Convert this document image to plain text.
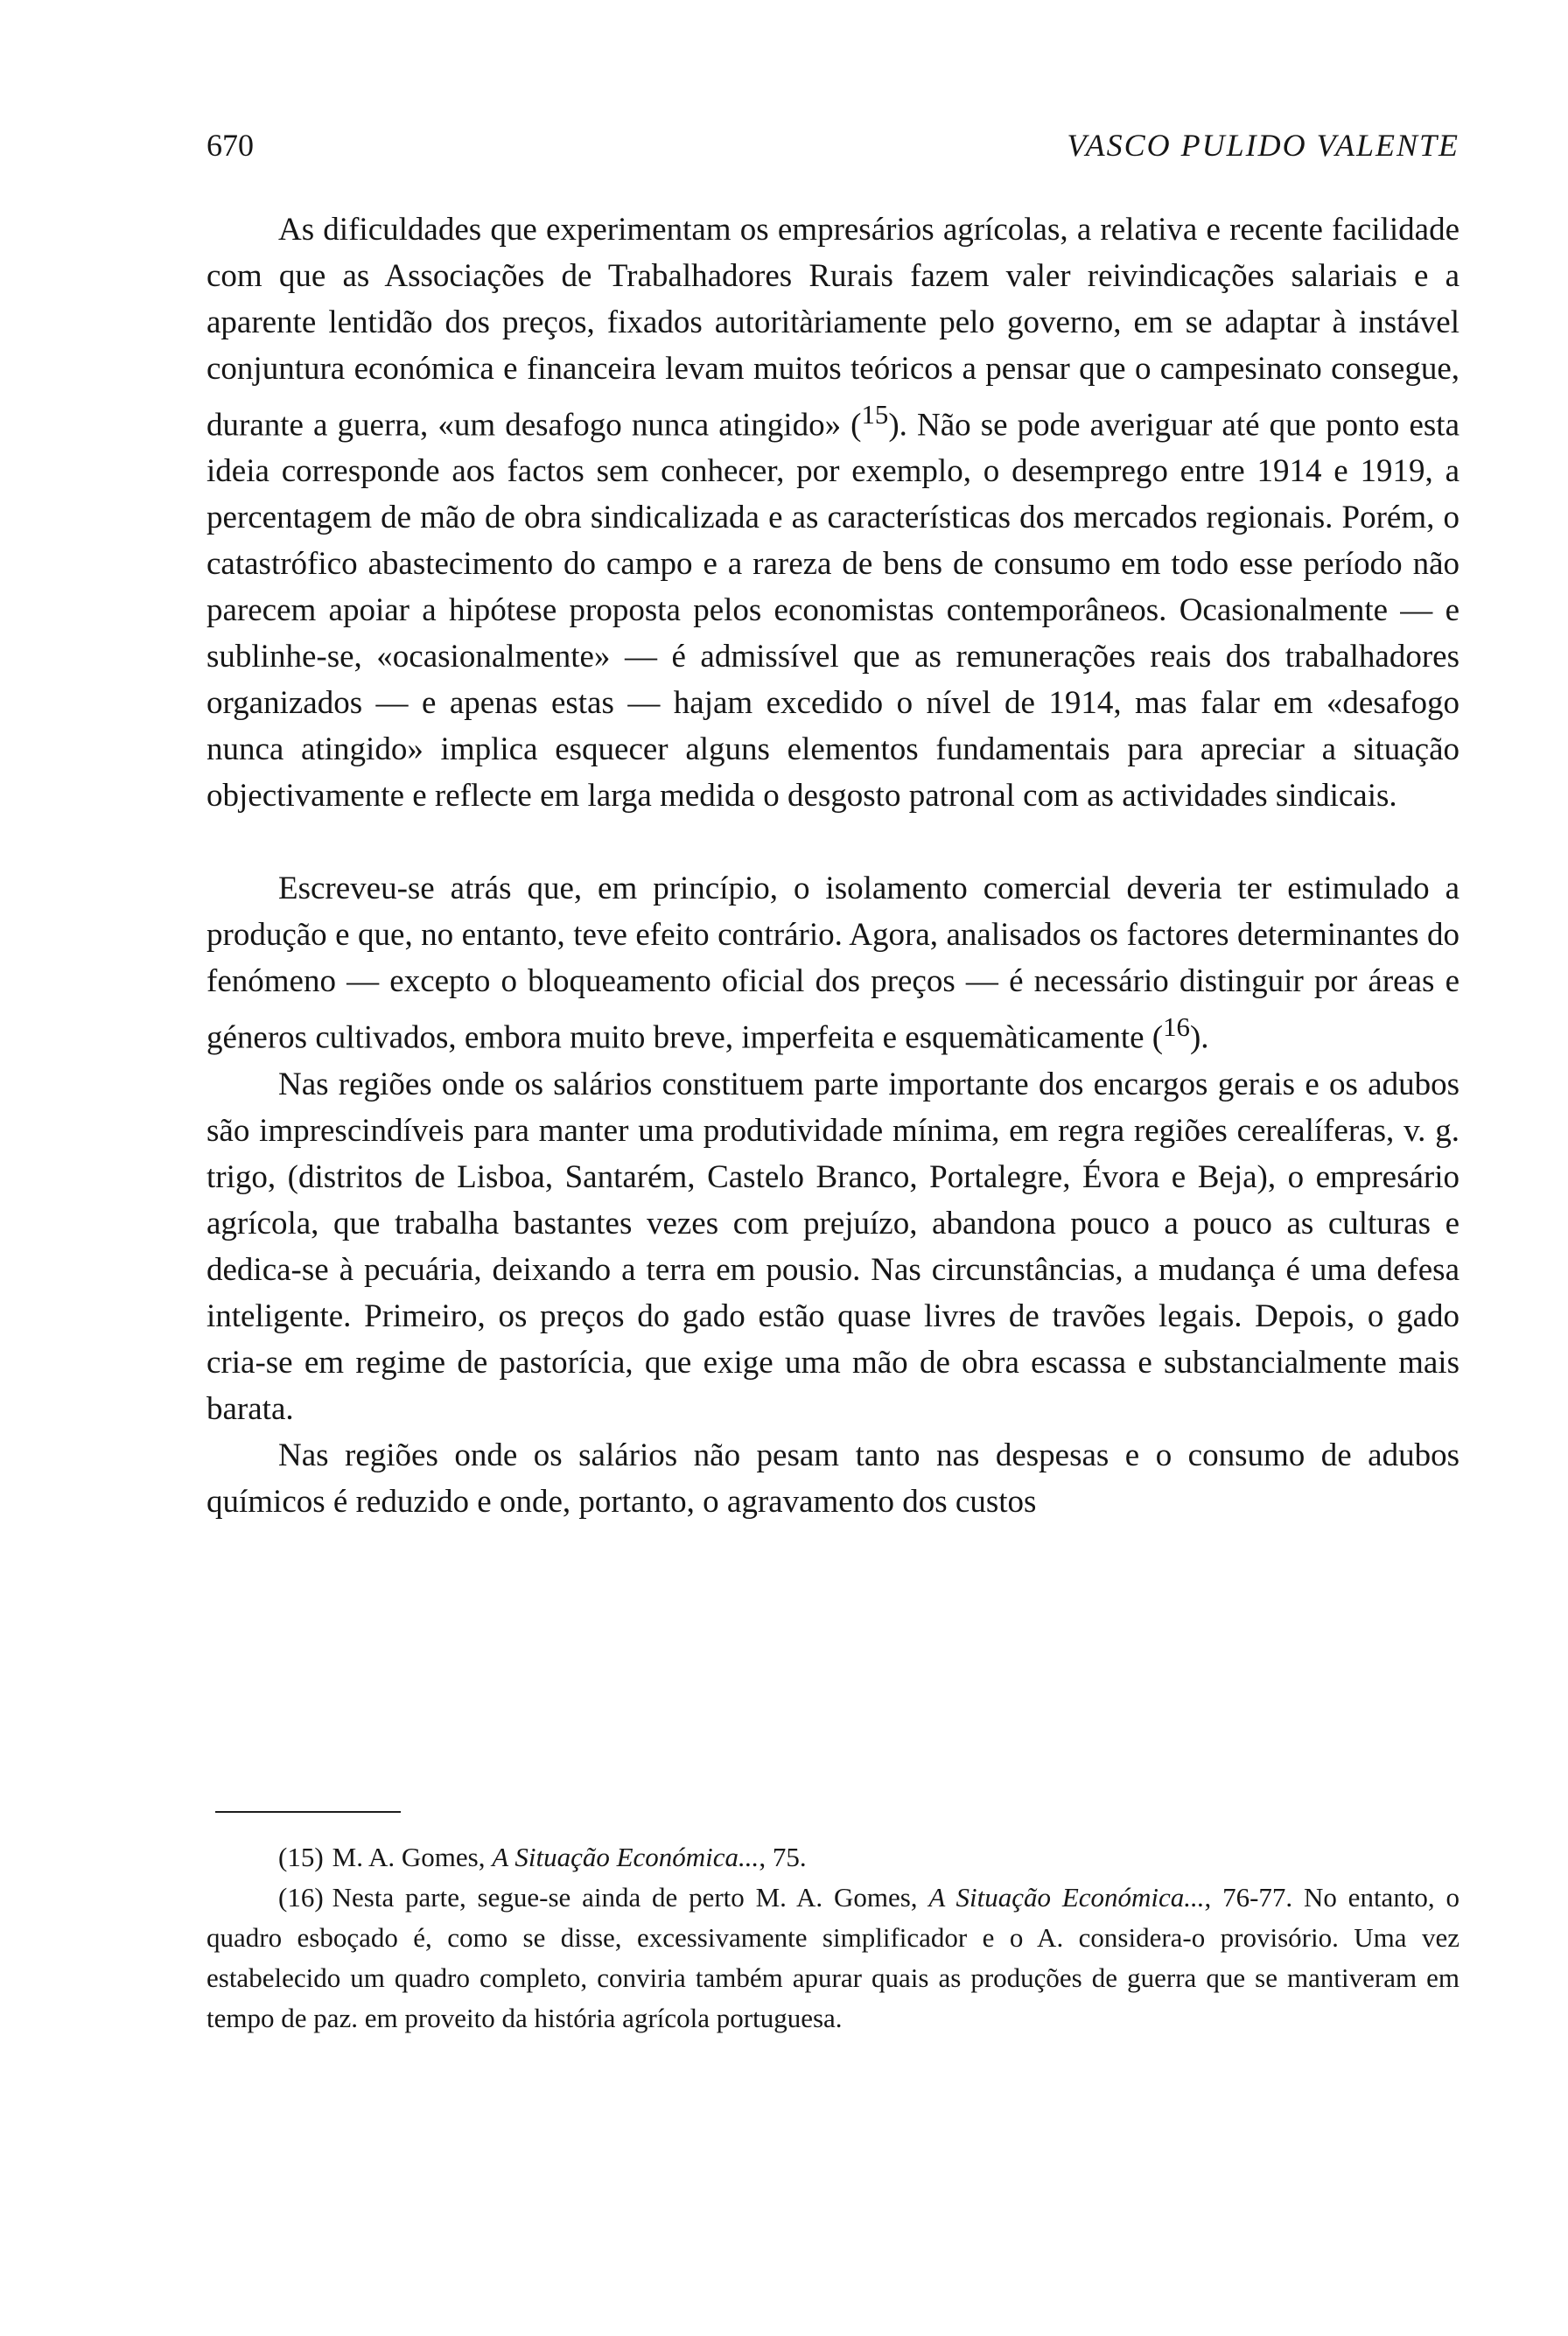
670	VASCO PULIDO VALENTE

As dificuldades que experimentam os empresários agrícolas, a relativa e recente facilidade com que as Associações de Trabalhadores Rurais fazem valer reivindicações salariais e a aparente lentidão dos preços, fixados autoritàriamente pelo governo, em se adaptar à instável conjuntura económica e financeira levam muitos teóricos a pensar que o campesinato consegue, durante a guerra, «um desafogo nunca atingido» ($^{15}$). Não se pode averiguar até que ponto esta ideia corresponde aos factos sem conhecer, por exemplo, o desemprego entre 1914 e 1919, a percentagem de mão de obra sindicalizada e as características dos mercados regionais. Porém, o catastrófico abastecimento do campo e a rareza de bens de consumo em todo esse período não parecem apoiar a hipótese proposta pelos economistas contemporâneos. Ocasionalmente — e sublinhe-se, «ocasionalmente» — é admissível que as remunerações reais dos trabalhadores organizados — e apenas estas — hajam excedido o nível de 1914, mas falar em «desafogo nunca atingido» implica esquecer alguns elementos fundamentais para apreciar a situação objectivamente e reflecte em larga medida o desgosto patronal com as actividades sindicais.

Escreveu-se atrás que, em princípio, o isolamento comercial deveria ter estimulado a produção e que, no entanto, teve efeito contrário. Agora, analisados os factores determinantes do fenómeno — excepto o bloqueamento oficial dos preços — é necessário distinguir por áreas e géneros cultivados, embora muito breve, imperfeita e esquemàticamente ($^{16}$).

Nas regiões onde os salários constituem parte importante dos encargos gerais e os adubos são imprescindíveis para manter uma produtividade mínima, em regra regiões cerealíferas, v. g. trigo, (distritos de Lisboa, Santarém, Castelo Branco, Portalegre, Évora e Beja), o empresário agrícola, que trabalha bastantes vezes com prejuízo, abandona pouco a pouco as culturas e dedica-se à pecuária, deixando a terra em pousio. Nas circunstâncias, a mudança é uma defesa inteligente. Primeiro, os preços do gado estão quase livres de travões legais. Depois, o gado cria-se em regime de pastorícia, que exige uma mão de obra escassa e substancialmente mais barata.

Nas regiões onde os salários não pesam tanto nas despesas e o consumo de adubos químicos é reduzido e onde, portanto, o agravamento dos custos

(15) M. A. Gomes, A Situação Económica..., 75.

(16) Nesta parte, segue-se ainda de perto M. A. Gomes, A Situação Económica..., 76-77. No entanto, o quadro esboçado é, como se disse, excessivamente simplificador e o A. considera-o provisório. Uma vez estabelecido um quadro completo, conviria também apurar quais as produções de guerra que se mantiveram em tempo de paz. em proveito da história agrícola portuguesa.
